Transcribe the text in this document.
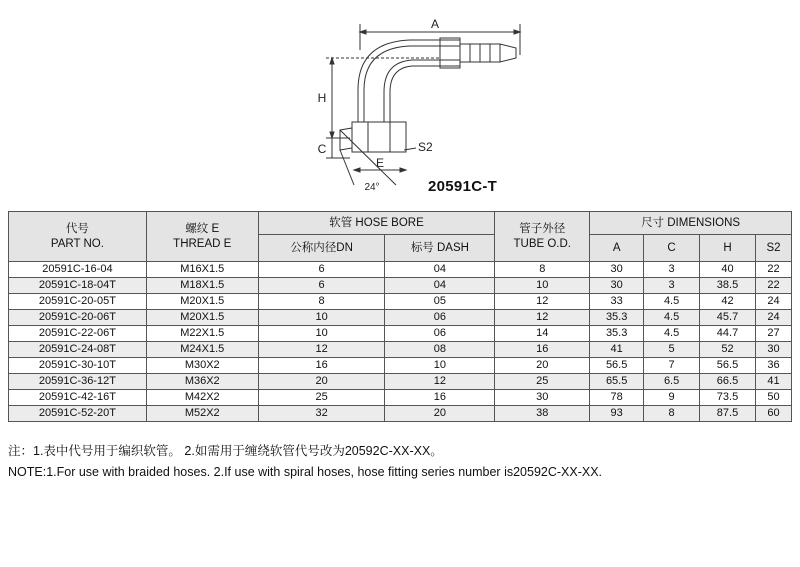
A
H
C
E
S2
24°	20591C-T
代号
PART NO.	螺纹 E
THREAD E	软管 HOSE BORE		管子外径
TUBE O.D.	尺寸 DIMENSIONS			
		公称内径DN	标号 DASH		A	C	H	S2
20591C-16-04	M16X1.5	6	04	8	30	3	40	22
20591C-18-04T	M18X1.5	6	04	10	30	3	38.5	22
20591C-20-05T	M20X1.5	8	05	12	33	4.5	42	24
20591C-20-06T	M20X1.5	10	06	12	35.3	4.5	45.7	24
20591C-22-06T	M22X1.5	10	06	14	35.3	4.5	44.7	27
20591C-24-08T	M24X1.5	12	08	16	41	5	52	30
20591C-30-10T	M30X2	16	10	20	56.5	7	56.5	36
20591C-36-12T	M36X2	20	12	25	65.5	6.5	66.5	41
20591C-42-16T	M42X2	25	16	30	78	9	73.5	50
20591C-52-20T	M52X2	32	20	38	93	8	87.5	60
注：1.表中代号用于编织软管。 2.如需用于缠绕软管代号改为20592C-XX-XX。
NOTE:1.For use with braided hoses. 2.If use with spiral hoses, hose fitting series number is20592C-XX-XX.
